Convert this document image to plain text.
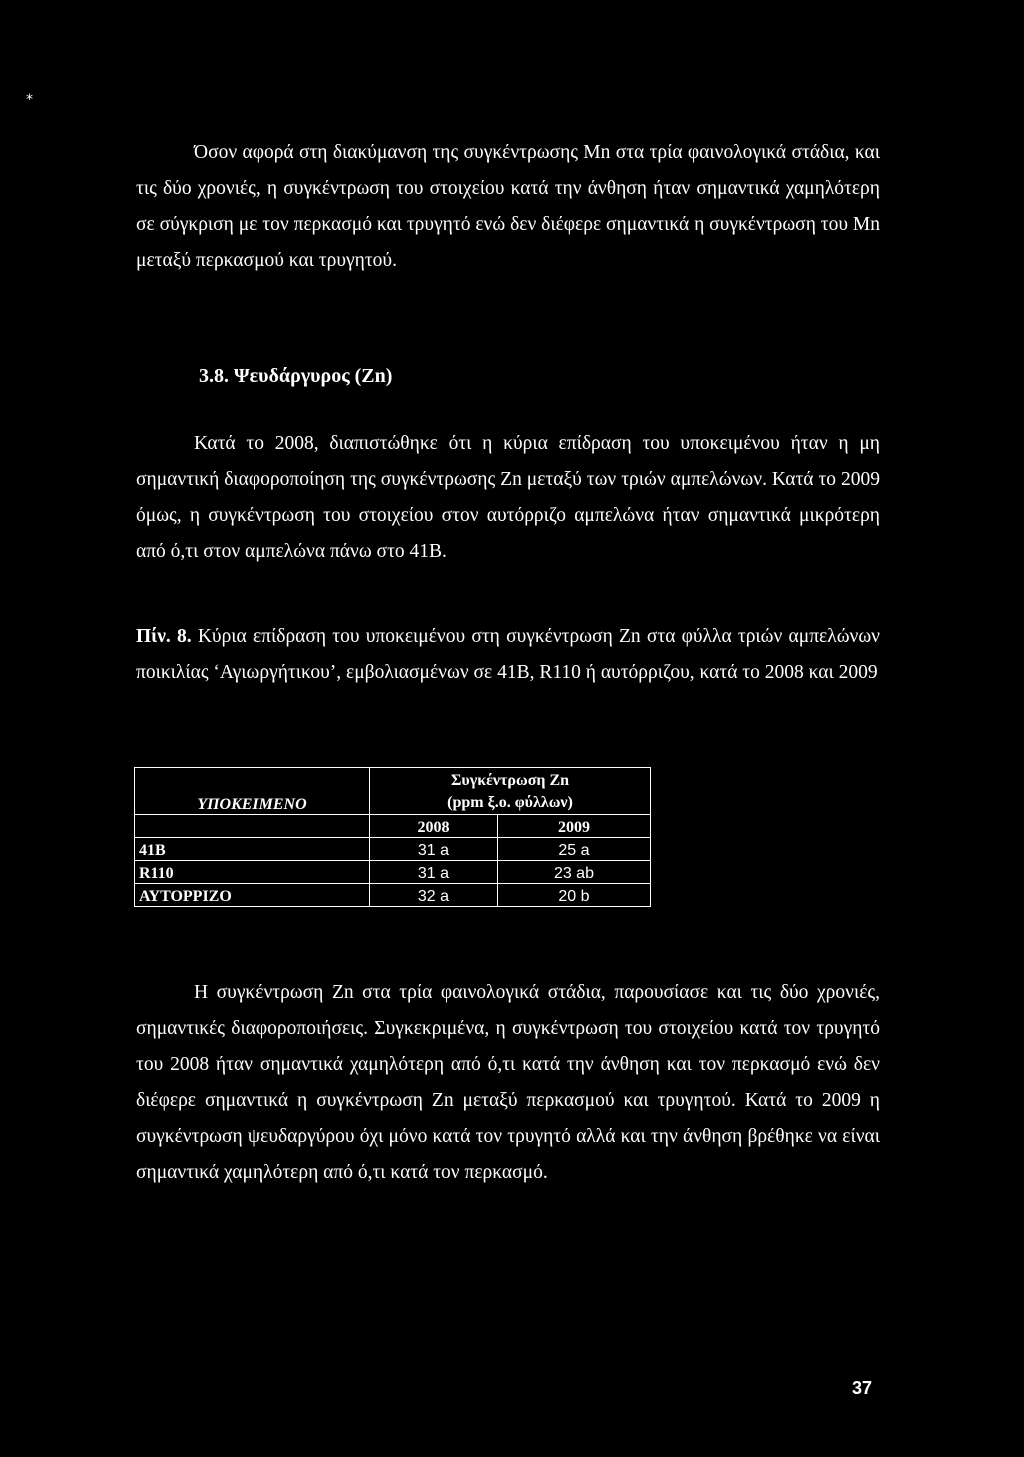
*

Όσον αφορά στη διακύμανση της συγκέντρωσης Mn στα τρία φαινολογικά στάδια, και τις δύο χρονιές, η συγκέντρωση του στοιχείου κατά την άνθηση ήταν σημαντικά χαμηλότερη σε σύγκριση με τον περκασμό και τρυγητό ενώ δεν διέφερε σημαντικά η συγκέντρωση του Mn μεταξύ περκασμού και τρυγητού.

3.8. Ψευδάργυρος (Zn)

Κατά το 2008, διαπιστώθηκε ότι η κύρια επίδραση του υποκειμένου ήταν η μη σημαντική διαφοροποίηση της συγκέντρωσης Zn μεταξύ των τριών αμπελώνων. Κατά το 2009 όμως, η συγκέντρωση του στοιχείου στον αυτόρριζο αμπελώνα ήταν σημαντικά μικρότερη από ό,τι στον αμπελώνα πάνω στο 41Β.

Πίν. 8. Κύρια επίδραση του υποκειμένου στη συγκέντρωση Zn στα φύλλα τριών αμπελώνων ποικιλίας ‘Αγιωργήτικου’, εμβολιασμένων σε 41Β, R110 ή αυτόρριζου, κατά το 2008 και 2009

	Συγκέντρωση Zn	
ΥΠΟΚΕΙΜΕΝΟ	(ppm ξ.ο. φύλλων)	
	2008	2009
41Β	31 a	25 a
R110	31 a	23 ab
ΑΥΤΟΡΡΙΖΟ	32 a	20 b

Η συγκέντρωση Zn στα τρία φαινολογικά στάδια, παρουσίασε και τις δύο χρονιές, σημαντικές διαφοροποιήσεις. Συγκεκριμένα, η συγκέντρωση του στοιχείου κατά τον τρυγητό του 2008 ήταν σημαντικά χαμηλότερη από ό,τι κατά την άνθηση και τον περκασμό ενώ δεν διέφερε σημαντικά η συγκέντρωση Zn μεταξύ περκασμού και τρυγητού. Κατά το 2009 η συγκέντρωση ψευδαργύρου όχι μόνο κατά τον τρυγητό αλλά και την άνθηση βρέθηκε να είναι σημαντικά χαμηλότερη από ό,τι κατά τον περκασμό.

37
